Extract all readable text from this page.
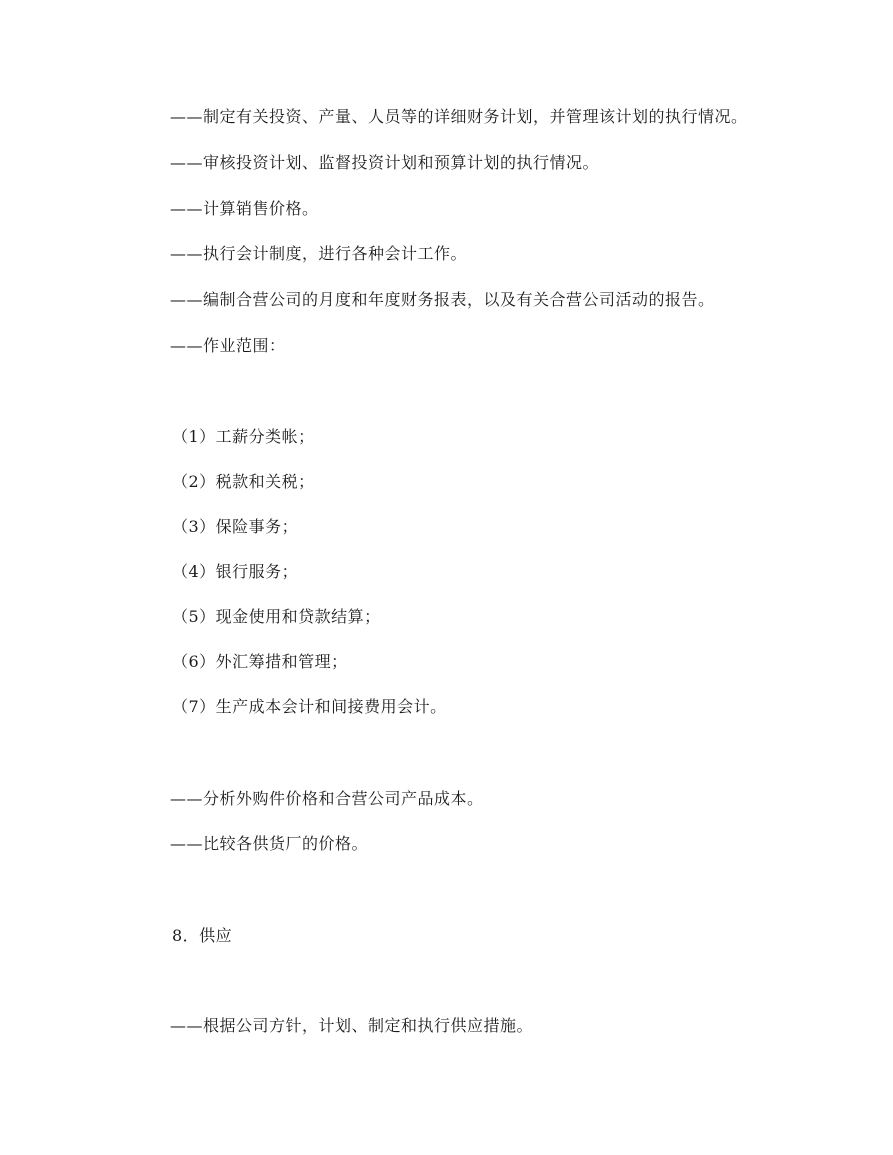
——制定有关投资、产量、人员等的详细财务计划，并管理该计划的执行情况。
——审核投资计划、监督投资计划和预算计划的执行情况。
——计算销售价格。
——执行会计制度，进行各种会计工作。
——编制合营公司的月度和年度财务报表，以及有关合营公司活动的报告。
——作业范围：
（1）工薪分类帐；
（2）税款和关税；
（3）保险事务；
（4）银行服务；
（5）现金使用和贷款结算；
（6）外汇筹措和管理；
（7）生产成本会计和间接费用会计。
——分析外购件价格和合营公司产品成本。
——比较各供货厂的价格。
8．供应
——根据公司方针，计划、制定和执行供应措施。
